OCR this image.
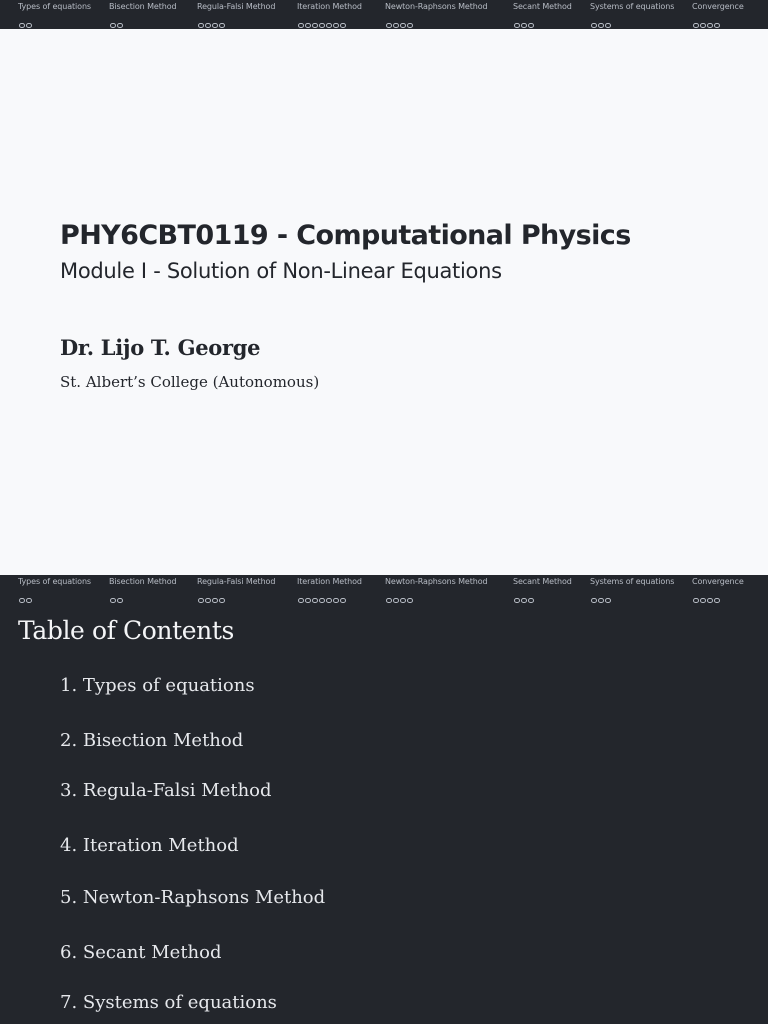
Types of equations Bisection Method	Regula-Falsi Method	Iteration Method	Newton-Raphsons Method	Secant Method Systems of equations Convergence
PHY6CBT0119 - Computational Physics
Module I - Solution of Non-Linear Equations
Dr. Lijo T. George
St. Albert’s College (Autonomous)
Types of equations Bisection Method	Regula-Falsi Method	Iteration Method	Newton-Raphsons Method	Secant Method Systems of equations Convergence
Table of Contents
1. Types of equations
2. Bisection Method
3. Regula-Falsi Method
4. Iteration Method
5. Newton-Raphsons Method
6. Secant Method
7. Systems of equations
